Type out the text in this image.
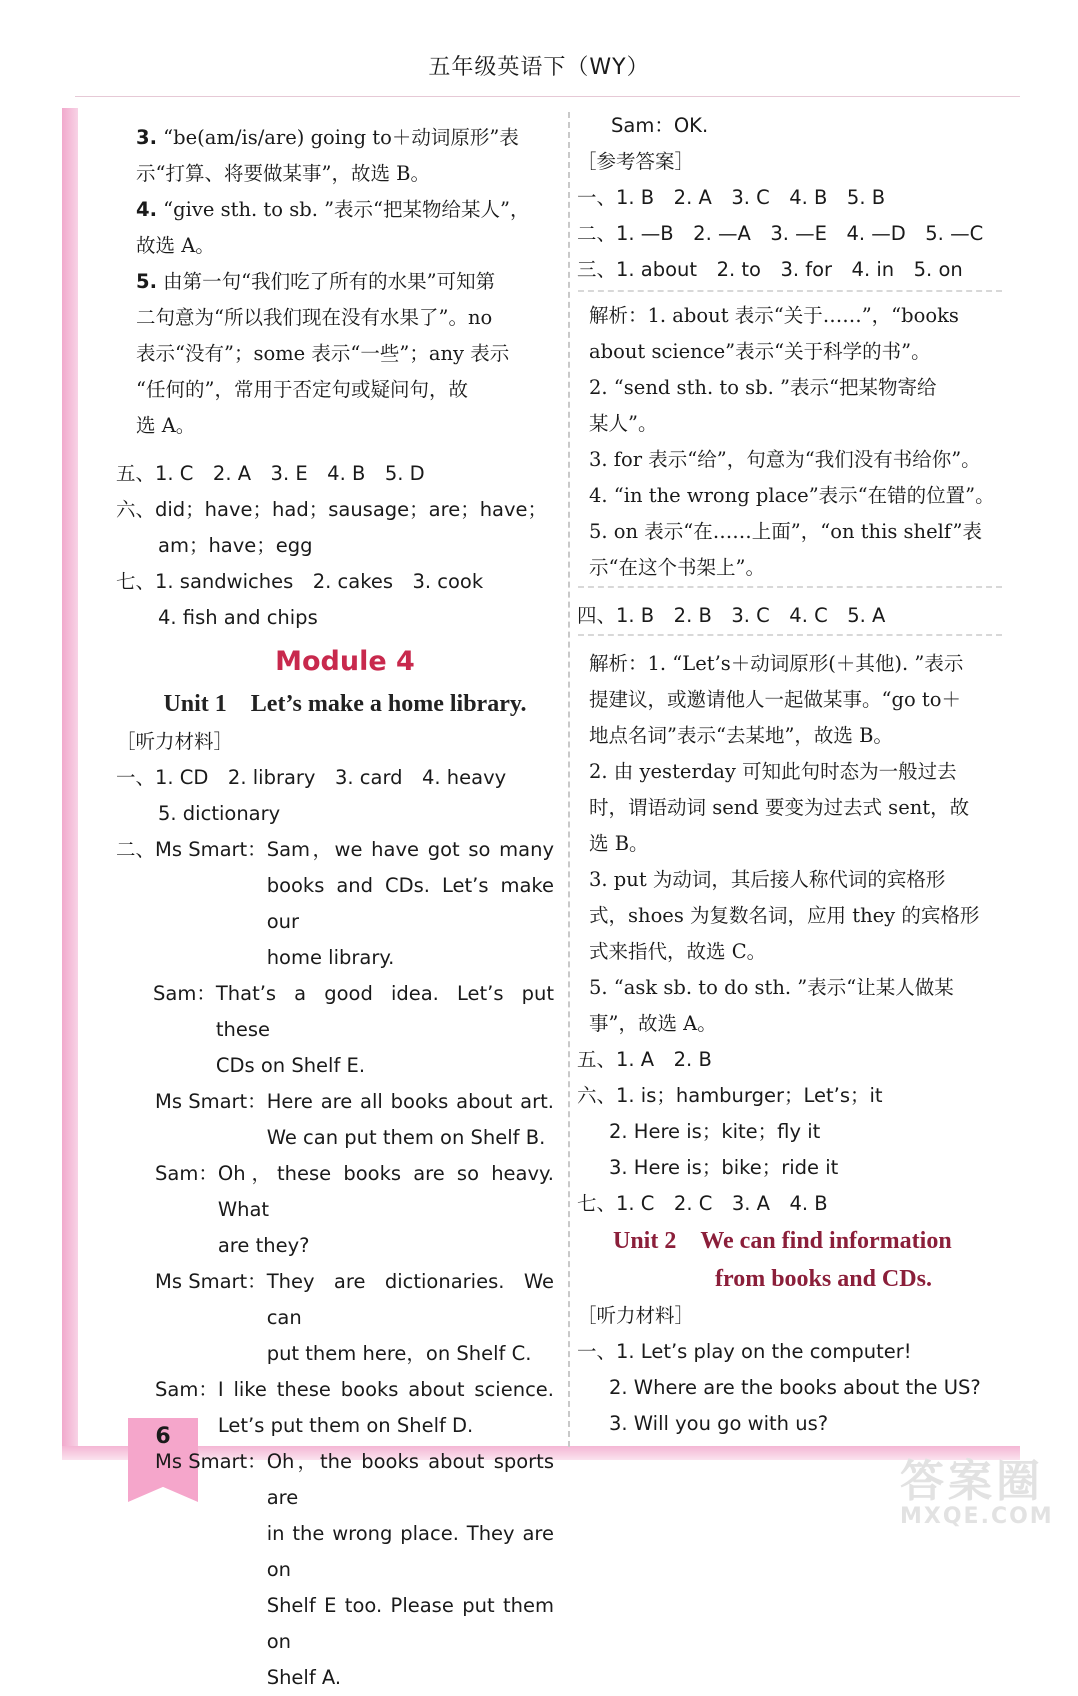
五年级英语下（WY）
6

3. “be(am/is/are) going to＋动词原形”表

示“打算、将要做某事”，故选 B。

4. “give sth. to sb. ”表示“把某物给某人”，

故选 A。

5. 由第一句“我们吃了所有的水果”可知第

二句意为“所以我们现在没有水果了”。no

表示“没有”；some 表示“一些”；any 表示

“任何的”，常用于否定句或疑问句，故

选 A。

五、1. C　2. A　3. E　4. B　5. D

六、did；have；had；sausage；are；have；

am；have；egg

七、1. sandwiches　2. cakes　3. cook

4. fish and chips

Module 4
Unit 1　Let’s make a home library.

［听力材料］

一、1. CD　2. library　3. card　4. heavy

5. dictionary

二、 Ms Smart： Sam，we have got so many

books and CDs. Let’s make our

home library.

Sam： That’s a good idea. Let’s put these

CDs on Shelf E.

Ms Smart： Here are all books about art.

We can put them on Shelf B.

Sam： Oh，these books are so heavy. What

are they?

Ms Smart： They are dictionaries. We can

put them here，on Shelf C.

Sam： I like these books about science.

Let’s put them on Shelf D.

Ms Smart： Oh，the books about sports are

in the wrong place. They are on

Shelf E too. Please put them on

Shelf A.

Sam：OK.

［参考答案］

一、1. B　2. A　3. C　4. B　5. B

二、1. —B　2. —A　3. —E　4. —D　5. —C

三、1. about　2. to　3. for　4. in　5. on

解析：1. about 表示“关于……”，“books

about science”表示“关于科学的书”。

2. “send sth. to sb. ”表示“把某物寄给

某人”。

3. for 表示“给”，句意为“我们没有书给你”。

4. “in the wrong place”表示“在错的位置”。

5. on 表示“在……上面”，“on this shelf”表

示“在这个书架上”。

四、1. B　2. B　3. C　4. C　5. A

解析：1. “Let’s＋动词原形(＋其他). ”表示

提建议，或邀请他人一起做某事。“go to＋

地点名词”表示“去某地”，故选 B。

2. 由 yesterday 可知此句时态为一般过去

时，谓语动词 send 要变为过去式 sent，故

选 B。

3. put 为动词，其后接人称代词的宾格形

式，shoes 为复数名词，应用 they 的宾格形

式来指代，故选 C。

5. “ask sb. to do sth. ”表示“让某人做某

事”，故选 A。

五、1. A　2. B

六、1. is；hamburger；Let’s；it

2. Here is；kite；fly it

3. Here is；bike；ride it

七、1. C　2. C　3. A　4. B

Unit 2　We can find information
from books and CDs.

［听力材料］

一、1. Let’s play on the computer!

2. Where are the books about the US?

3. Will you go with us?

答案圈
MXQE.COM
